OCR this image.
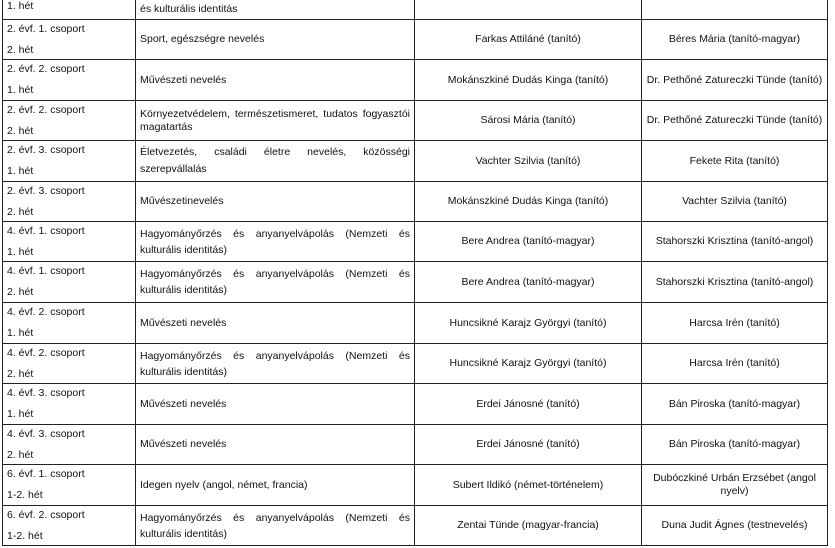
1. hét	és kulturális identitás		

2. évf. 1. csoport
2. hét	Sport, egészségre nevelés	Farkas Attiláné (tanító)	Béres Mária (tanító-magyar)

2. évf. 2. csoport
1. hét	Művészeti nevelés	Mokánszkiné Dudás Kinga (tanító)	Dr. Pethőné Zatureczki Tünde (tanító)

2. évf. 2. csoport
2. hét	Környezetvédelem, természetismeret, tudatos fogyasztói magatartás	Sárosi Mária (tanító)	Dr. Pethőné Zatureczki Tünde (tanító)

2. évf. 3. csoport
1. hét	Életvezetés, családi életre nevelés, közösségi szerepvállalás	Vachter Szilvia (tanító)	Fekete Rita (tanító)

2. évf. 3. csoport
2. hét	Művészetinevelés	Mokánszkiné Dudás Kinga (tanító)	Vachter Szilvia (tanító)

4. évf. 1. csoport
1. hét	Hagyományőrzés és anyanyelvápolás (Nemzeti és kulturális identitás)	Bere Andrea (tanító-magyar)	Stahorszki Krisztina (tanító-angol)

4. évf. 1. csoport
2. hét	Hagyományőrzés és anyanyelvápolás (Nemzeti és kulturális identitás)	Bere Andrea (tanító-magyar)	Stahorszki Krisztina (tanító-angol)

4. évf. 2. csoport
1. hét	Művészeti nevelés	Huncsikné Karajz Györgyi (tanító)	Harcsa Irén (tanító)

4. évf. 2. csoport
2. hét	Hagyományőrzés és anyanyelvápolás (Nemzeti és kulturális identitás)	Huncsikné Karajz Györgyi (tanító)	Harcsa Irén (tanító)

4. évf. 3. csoport
1. hét	Művészeti nevelés	Erdei Jánosné (tanító)	Bán Piroska (tanító-magyar)

4. évf. 3. csoport
2. hét	Művészeti nevelés	Erdei Jánosné (tanító)	Bán Piroska (tanító-magyar)

6. évf. 1. csoport
1-2. hét	Idegen nyelv (angol, német, francia)	Subert Ildikó (német-történelem)	Dubóczkiné Urbán Erzsébet (angol nyelv)

6. évf. 2. csoport
1-2. hét	Hagyományőrzés és anyanyelvápolás (Nemzeti és kulturális identitás)	Zentai Tünde (magyar-francia)	Duna Judit Ágnes (testnevelés)
